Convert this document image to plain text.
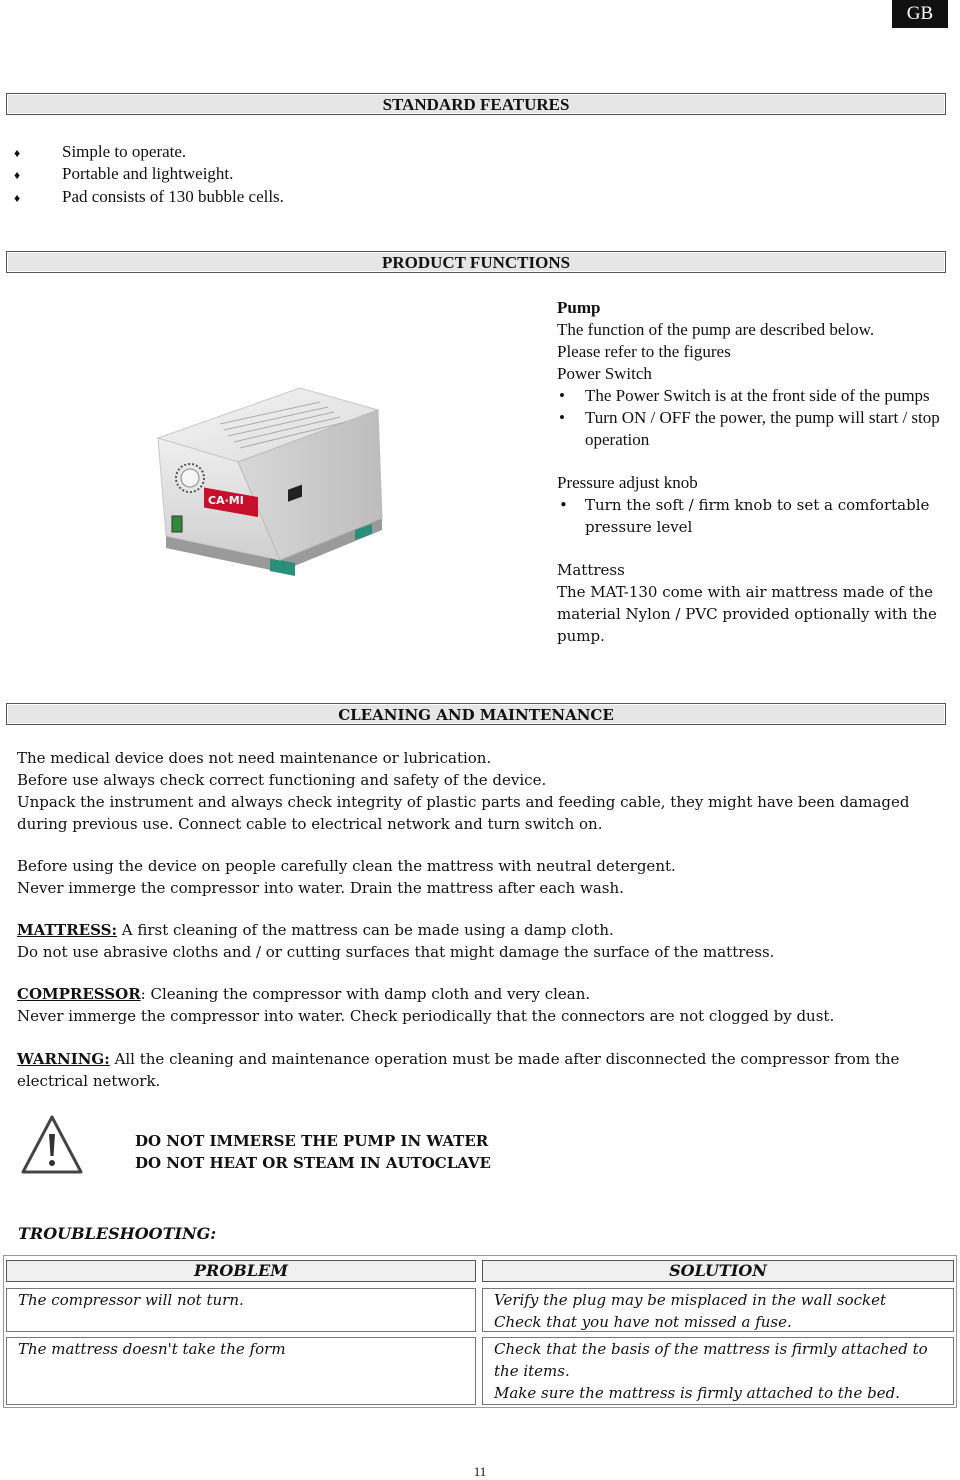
GB
STANDARD FEATURES
♦ Simple to operate.
♦ Portable and lightweight.
♦ Pad consists of 130 bubble cells.
PRODUCT FUNCTIONS
CA·MI
Pump
The function of the pump are described below.
Please refer to the figures
Power Switch
• The Power Switch is at the front side of the pumps
• Turn ON / OFF the power, the pump will start / stop operation
Pressure adjust knob
• Turn the soft / firm knob to set a comfortable pressure level
Mattress
The MAT-130 come with air mattress made of the material Nylon / PVC provided optionally with the pump.
CLEANING AND MAINTENANCE
The medical device does not need maintenance or lubrication.
Before use always check correct functioning and safety of the device.
Unpack the instrument and always check integrity of plastic parts and feeding cable, they might have been damaged during previous use. Connect cable to electrical network and turn switch on.
Before using the device on people carefully clean the mattress with neutral detergent.
Never immerge the compressor into water. Drain the mattress after each wash.
MATTRESS: A first cleaning of the mattress can be made using a damp cloth.
Do not use abrasive cloths and / or cutting surfaces that might damage the surface of the mattress.
COMPRESSOR: Cleaning the compressor with damp cloth and very clean.
Never immerge the compressor into water. Check periodically that the connectors are not clogged by dust.
WARNING: All the cleaning and maintenance operation must be made after disconnected the compressor from the electrical network.
DO NOT IMMERSE THE PUMP IN WATER
DO NOT HEAT OR STEAM IN AUTOCLAVE
TROUBLESHOOTING:
PROBLEM	SOLUTION
The compressor will not turn.	Verify the plug may be misplaced in the wall socket
Check that you have not missed a fuse.
The mattress doesn't take the form	Check that the basis of the mattress is firmly attached to the items.
Make sure the mattress is firmly attached to the bed.
11
